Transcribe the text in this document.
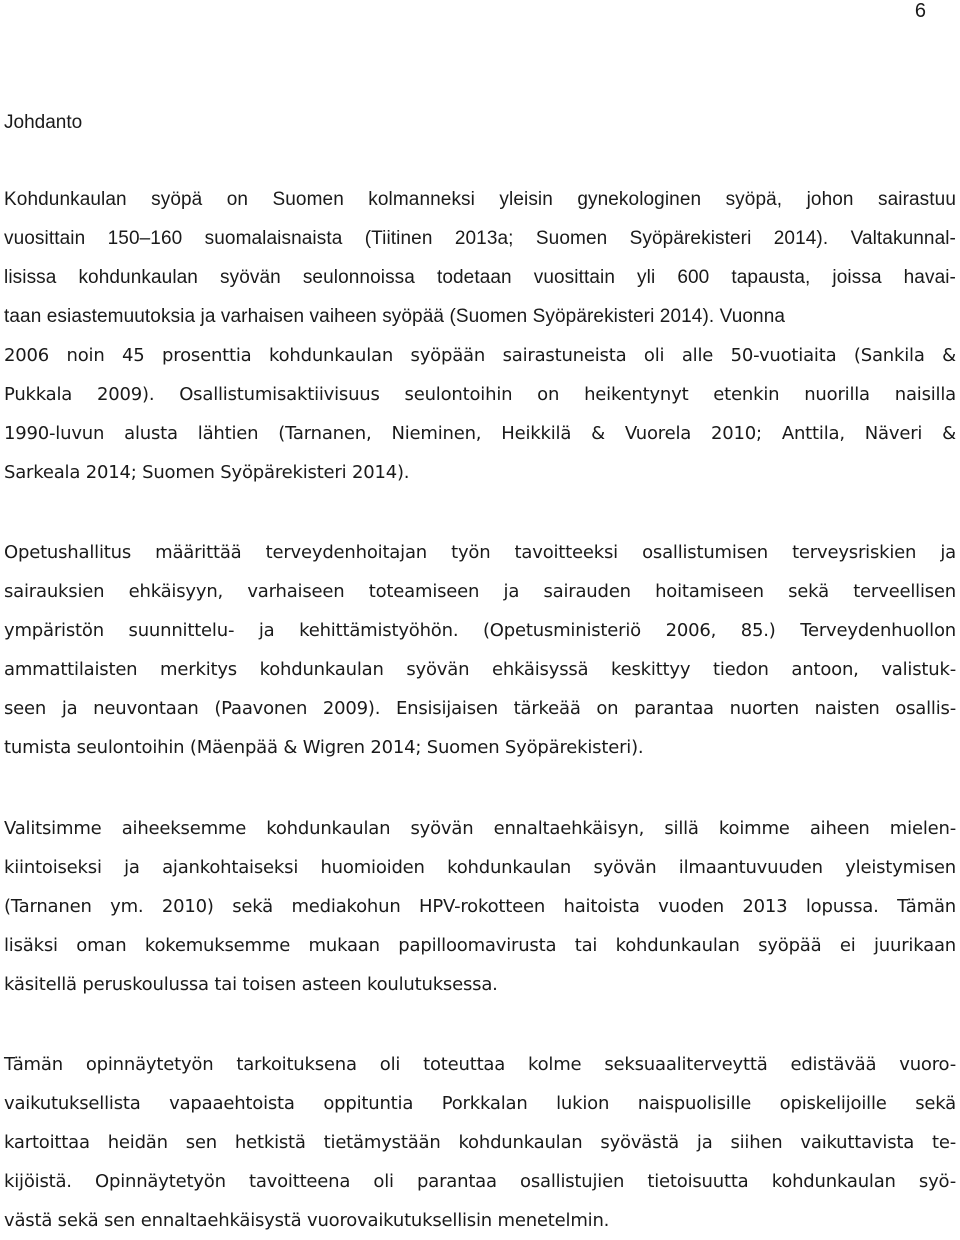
6
Johdanto
Kohdunkaulan syöpä on Suomen kolmanneksi yleisin gynekologinen syöpä, johon sairastuu
vuosittain 150–160 suomalaisnaista (Tiitinen 2013a; Suomen Syöpärekisteri 2014). Valtakunnal-
lisissa kohdunkaulan syövän seulonnoissa todetaan vuosittain yli 600 tapausta, joissa havai-
taan esiastemuutoksia ja varhaisen vaiheen syöpää (Suomen Syöpärekisteri 2014). Vuonna
2006 noin 45 prosenttia kohdunkaulan syöpään sairastuneista oli alle 50-vuotiaita (Sankila &
Pukkala 2009). Osallistumisaktiivisuus seulontoihin on heikentynyt etenkin nuorilla naisilla
1990-luvun alusta lähtien (Tarnanen, Nieminen, Heikkilä & Vuorela 2010; Anttila, Näveri &
Sarkeala 2014; Suomen Syöpärekisteri 2014).
Opetushallitus määrittää terveydenhoitajan työn tavoitteeksi osallistumisen terveysriskien ja
sairauksien ehkäisyyn, varhaiseen toteamiseen ja sairauden hoitamiseen sekä terveellisen
ympäristön suunnittelu- ja kehittämistyöhön. (Opetusministeriö 2006, 85.) Terveydenhuollon
ammattilaisten merkitys kohdunkaulan syövän ehkäisyssä keskittyy tiedon antoon, valistuk-
seen ja neuvontaan (Paavonen 2009). Ensisijaisen tärkeää on parantaa nuorten naisten osallis-
tumista seulontoihin (Mäenpää & Wigren 2014; Suomen Syöpärekisteri).
Valitsimme aiheeksemme kohdunkaulan syövän ennaltaehkäisyn, sillä koimme aiheen mielen-
kiintoiseksi ja ajankohtaiseksi huomioiden kohdunkaulan syövän ilmaantuvuuden yleistymisen
(Tarnanen ym. 2010) sekä mediakohun HPV-rokotteen haitoista vuoden 2013 lopussa. Tämän
lisäksi oman kokemuksemme mukaan papilloomavirusta tai kohdunkaulan syöpää ei juurikaan
käsitellä peruskoulussa tai toisen asteen koulutuksessa.
Tämän opinnäytetyön tarkoituksena oli toteuttaa kolme seksuaaliterveyttä edistävää vuoro-
vaikutuksellista vapaaehtoista oppituntia Porkkalan lukion naispuolisille opiskelijoille sekä
kartoittaa heidän sen hetkistä tietämystään kohdunkaulan syövästä ja siihen vaikuttavista te-
kijöistä. Opinnäytetyön tavoitteena oli parantaa osallistujien tietoisuutta kohdunkaulan syö-
västä sekä sen ennaltaehkäisystä vuorovaikutuksellisin menetelmin.
